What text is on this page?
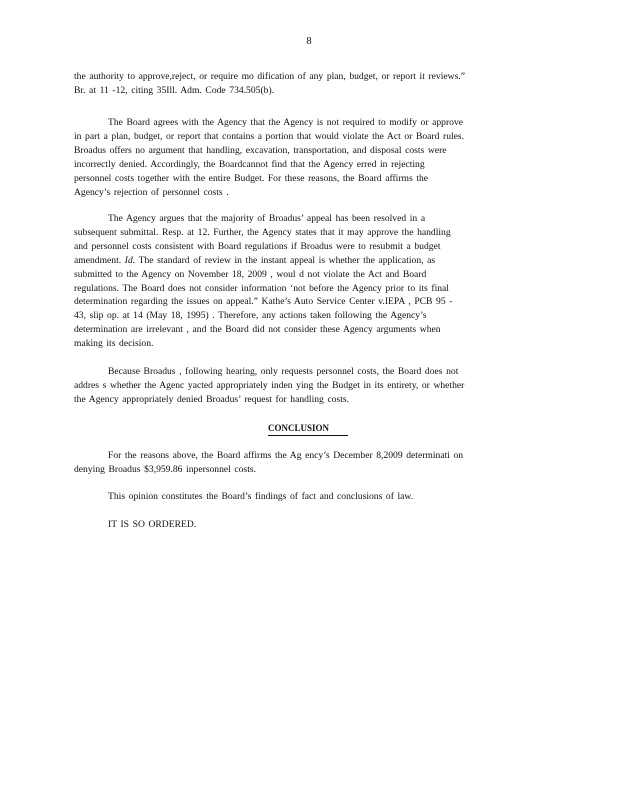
8

the authority to approve,reject, or require mo dification of any plan, budget, or report it reviews.”
Br. at 11 -12, citing 35Ill. Adm. Code 734.505(b).

The Board agrees with the Agency that the Agency is not required to modify or approve
in part a plan, budget, or report that contains a portion that would violate the Act or Board rules.
Broadus offers no argument that handling, excavation, transportation, and disposal costs were
incorrectly denied. Accordingly, the Boardcannot find that the Agency erred in rejecting
personnel costs together with the entire Budget. For these reasons, the Board affirms the
Agency’s rejection of personnel costs .

The Agency argues that the majority of Broadus’ appeal has been resolved in a
subsequent submittal. Resp. at 12. Further, the Agency states that it may approve the handling
and personnel costs consistent with Board regulations if Broadus were to resubmit a budget
amendment. Id. The standard of review in the instant appeal is whether the application, as
submitted to the Agency on November 18, 2009 , woul d not violate the Act and Board
regulations. The Board does not consider information ‘not before the Agency prior to its final
determination regarding the issues on appeal.” Kathe’s Auto Service Center v.IEPA , PCB 95 -
43, slip op. at 14 (May 18, 1995) . Therefore, any actions taken following the Agency’s
determination are irrelevant , and the Board did not consider these Agency arguments when
making its decision.

Because Broadus , following hearing, only requests personnel costs, the Board does not
addres s whether the Agenc yacted appropriately inden ying the Budget in its entirety, or whether
the Agency appropriately denied Broadus’ request for handling costs.

CONCLUSION

For the reasons above, the Board affirms the Ag ency’s December 8,2009 determinati on
denying Broadus $3,959.86 inpersonnel costs.

This opinion constitutes the Board’s findings of fact and conclusions of law.

IT IS SO ORDERED.
